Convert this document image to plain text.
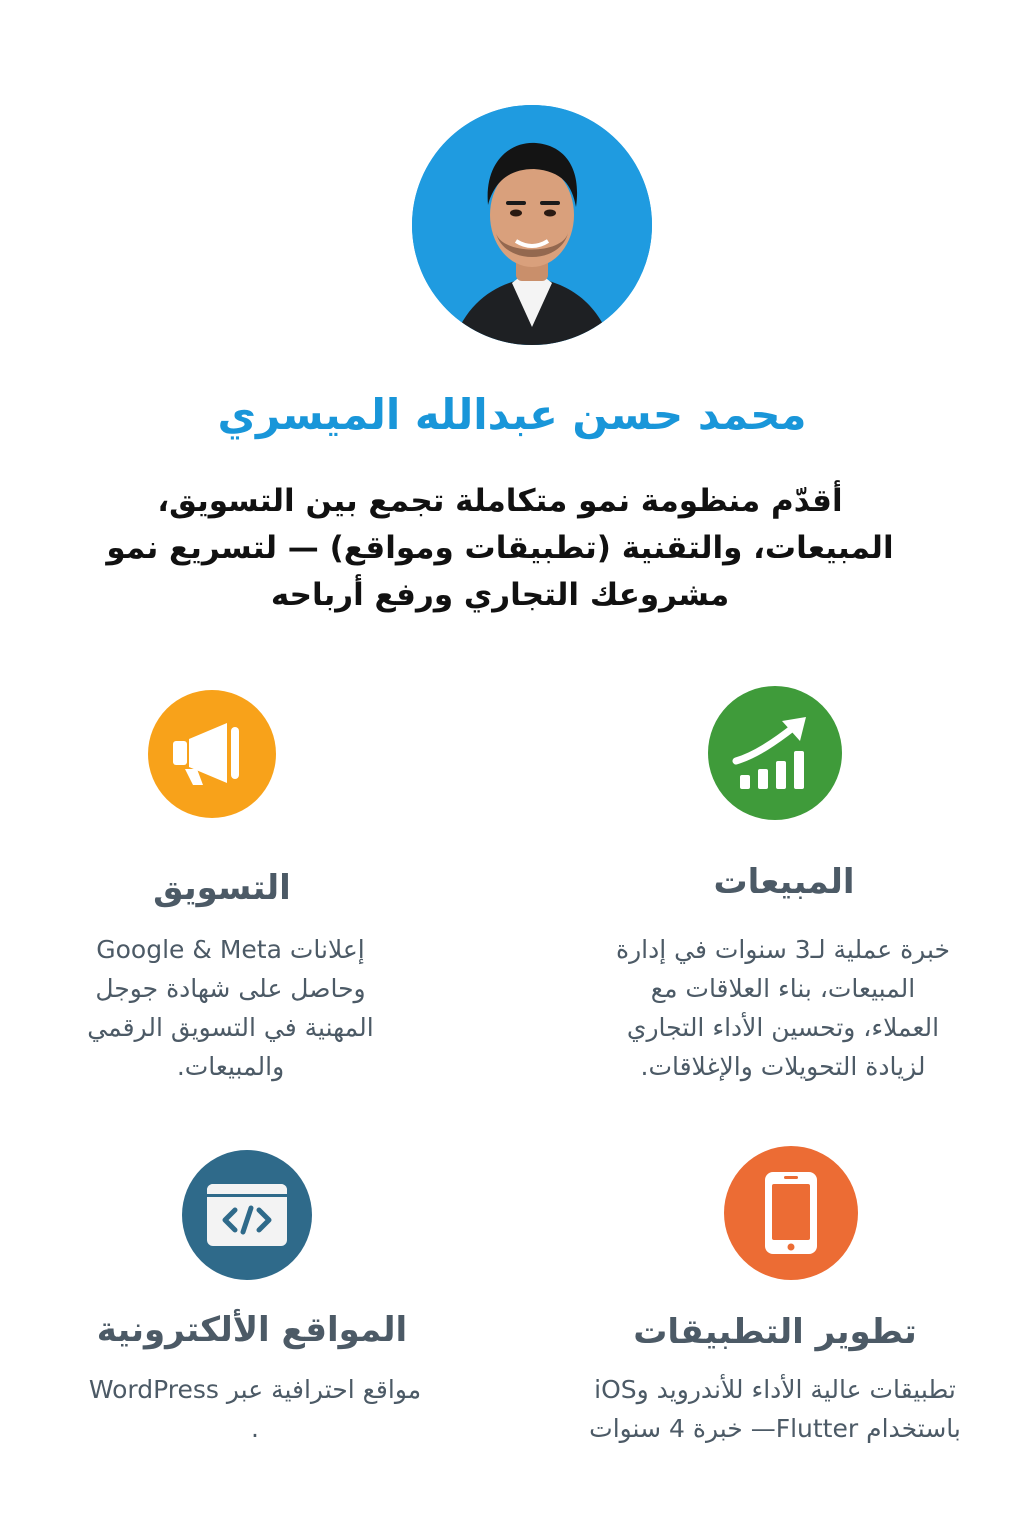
محمد حسن عبدالله الميسري
أقدّم منظومة نمو متكاملة تجمع بين التسويق،
المبيعات، والتقنية (تطبيقات ومواقع) — لتسريع نمو
مشروعك التجاري ورفع أرباحه
التسويق
إعلانات Google & Meta
وحاصل على شهادة جوجل
المهنية في التسويق الرقمي
والمبيعات.
المبيعات
خبرة عملية لـ3 سنوات في إدارة
المبيعات، بناء العلاقات مع
العملاء، وتحسين الأداء التجاري
لزيادة التحويلات والإغلاقات.
المواقع الألكترونية
مواقع احترافية عبر WordPress
.
تطوير التطبيقات
تطبيقات عالية الأداء للأندرويد وiOS
باستخدام Flutter— خبرة 4 سنوات
